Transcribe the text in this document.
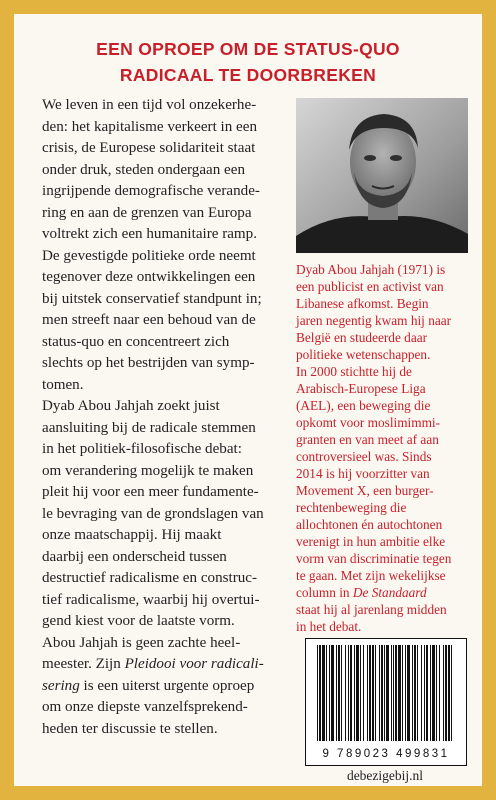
EEN OPROEP OM DE STATUS-QUO
RADICAAL TE DOORBREKEN
We leven in een tijd vol onzekerhe-
den: het kapitalisme verkeert in een
crisis, de Europese solidariteit staat
onder druk, steden ondergaan een
ingrijpende demografische verande-
ring en aan de grenzen van Europa
voltrekt zich een humanitaire ramp.
De gevestigde politieke orde neemt
tegenover deze ontwikkelingen een
bij uitstek conservatief standpunt in;
men streeft naar een behoud van de
status-quo en concentreert zich
slechts op het bestrijden van symp-
tomen.
Dyab Abou Jahjah zoekt juist
aansluiting bij de radicale stemmen
in het politiek-filosofische debat:
om verandering mogelijk te maken
pleit hij voor een meer fundamente-
le bevraging van de grondslagen van
onze maatschappij. Hij maakt
daarbij een onderscheid tussen
destructief radicalisme en construc-
tief radicalisme, waarbij hij overtui-
gend kiest voor de laatste vorm.
Abou Jahjah is geen zachte heel-
meester. Zijn Pleidooi voor radicali-
sering is een uiterst urgente oproep
om onze diepste vanzelfsprekend-
heden ter discussie te stellen.
Dyab Abou Jahjah (1971) is
een publicist en activist van
Libanese afkomst. Begin
jaren negentig kwam hij naar
België en studeerde daar
politieke wetenschappen.
In 2000 stichtte hij de
Arabisch-Europese Liga
(AEL), een beweging die
opkomt voor moslimimmi-
granten en van meet af aan
controversieel was. Sinds
2014 is hij voorzitter van
Movement X, een burger-
rechtenbeweging die
allochtonen én autochtonen
verenigt in hun ambitie elke
vorm van discriminatie tegen
te gaan. Met zijn wekelijkse
column in De Standaard
staat hij al jarenlang midden
in het debat.
9 789023 499831
debezigebij.nl
